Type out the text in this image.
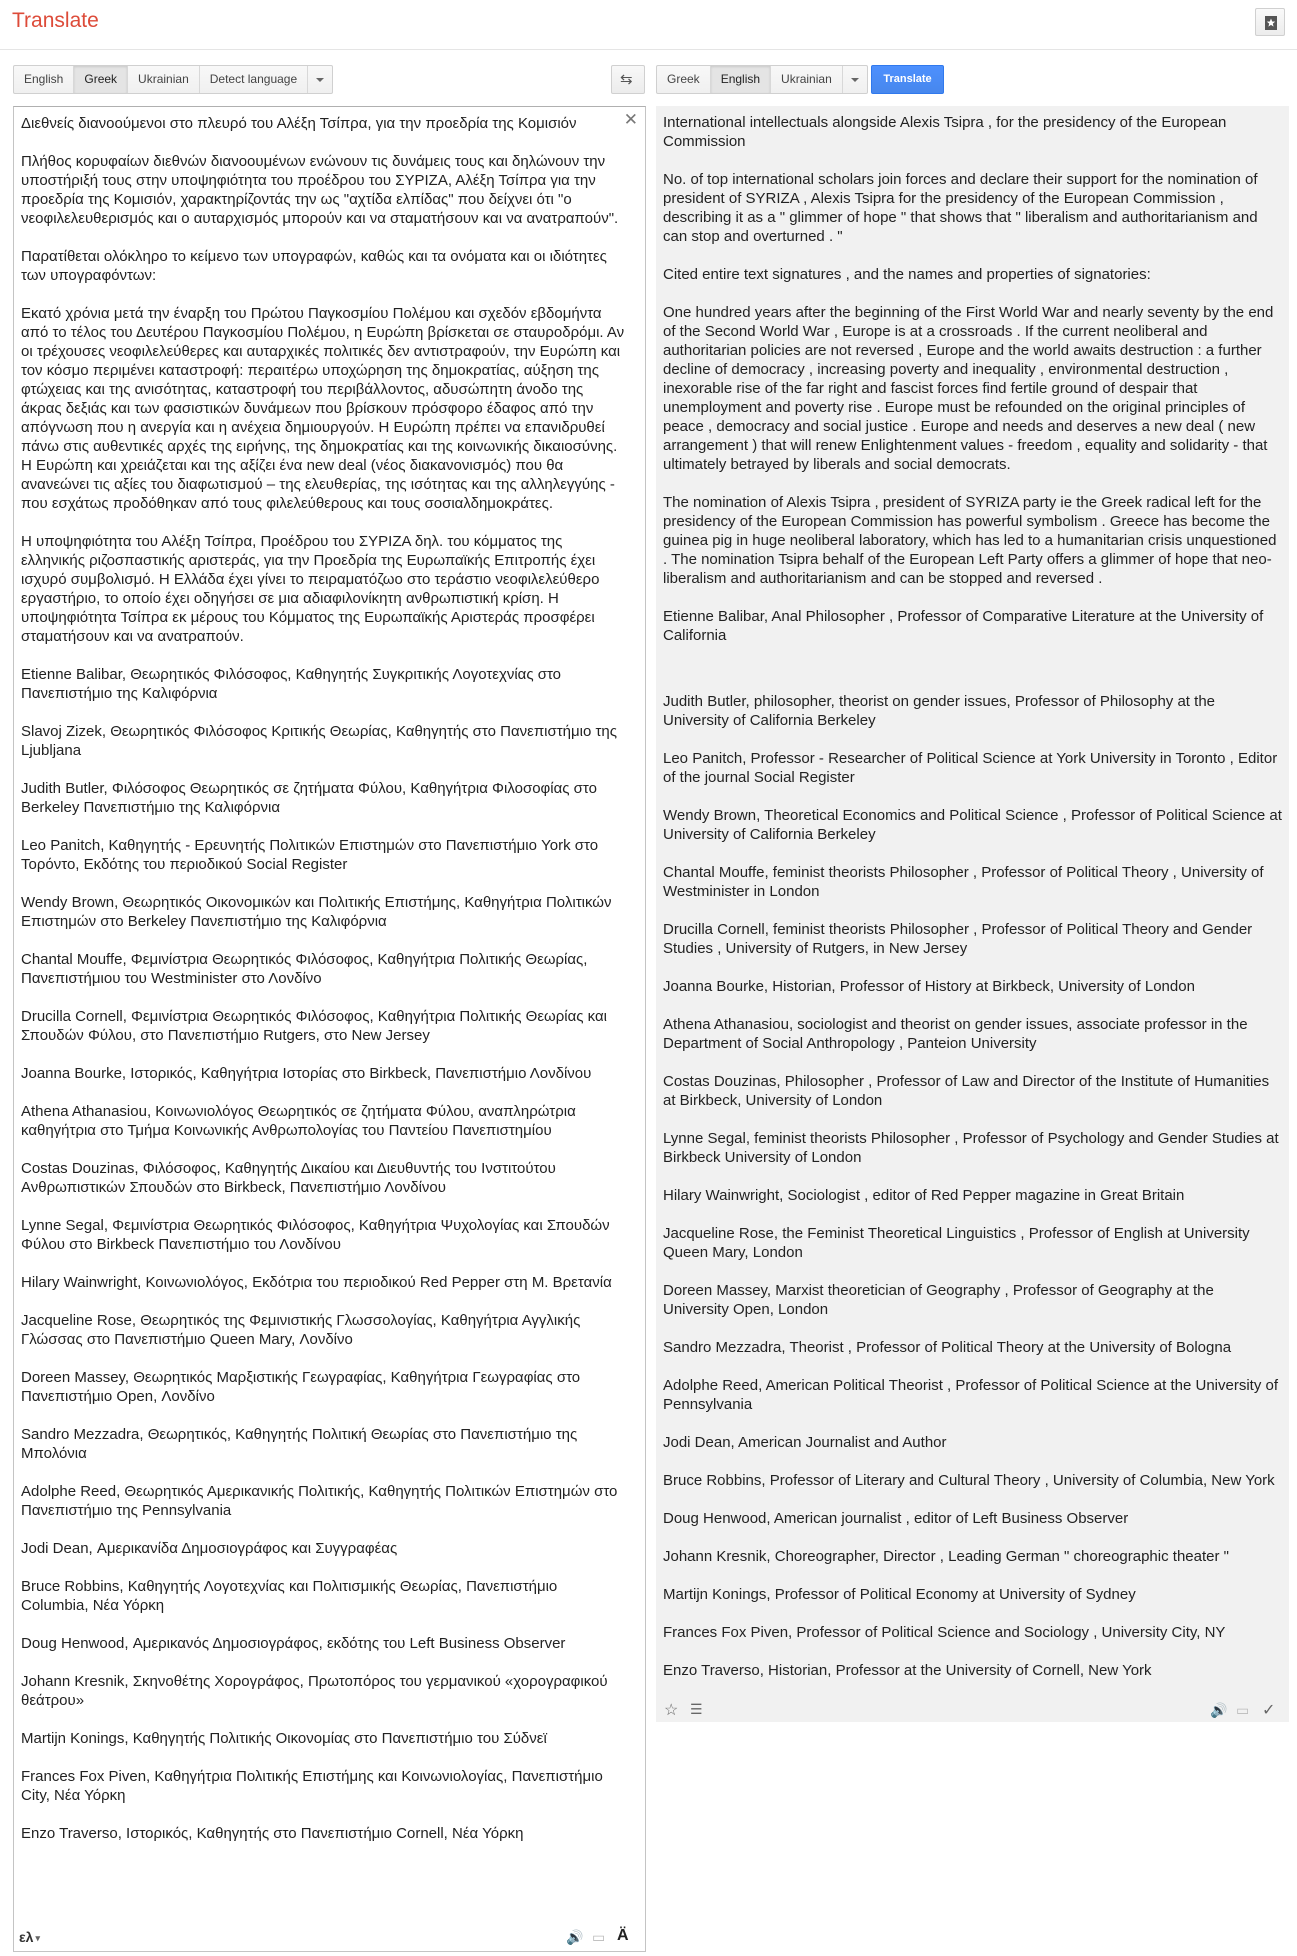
Translate
English	Greek	Ukrainian	Detect language	Greek	English	Ukrainian
⇆	Translate
✕
Διεθνείς διανοούμενοι στο πλευρό του Αλέξη Τσίπρα, για την προεδρία της Κομισιόν
Πλήθος κορυφαίων διεθνών διανοουμένων ενώνουν τις δυνάμεις τους και δηλώνουν την υποστήριξή τους στην υποψηφιότητα του προέδρου του ΣΥΡΙΖΑ, Αλέξη Τσίπρα για την προεδρία της Κομισιόν, χαρακτηρίζοντάς την ως "αχτίδα ελπίδας" που δείχνει ότι "ο νεοφιλελευθερισμός και ο αυταρχισμός μπορούν και να σταματήσουν και να ανατραπούν".
Παρατίθεται ολόκληρο το κείμενο των υπογραφών, καθώς και τα ονόματα και οι ιδιότητες των υπογραφόντων:
Εκατό χρόνια μετά την έναρξη του Πρώτου Παγκοσμίου Πολέμου και σχεδόν εβδομήντα από το τέλος του Δευτέρου Παγκοσμίου Πολέμου, η Ευρώπη βρίσκεται σε σταυροδρόμι. Αν οι τρέχουσες νεοφιλελεύθερες και αυταρχικές πολιτικές δεν αντιστραφούν, την Ευρώπη και τον κόσμο περιμένει καταστροφή: περαιτέρω υποχώρηση της δημοκρατίας, αύξηση της φτώχειας και της ανισότητας, καταστροφή του περιβάλλοντος, αδυσώπητη άνοδο της άκρας δεξιάς και των φασιστικών δυνάμεων που βρίσκουν πρόσφορο έδαφος από την απόγνωση που η ανεργία και η ανέχεια δημιουργούν. Η Ευρώπη πρέπει να επανιδρυθεί πάνω στις αυθεντικές αρχές της ειρήνης, της δημοκρατίας και της κοινωνικής δικαιοσύνης. Η Ευρώπη και χρειάζεται και της αξίζει ένα new deal (νέος διακανονισμός) που θα ανανεώνει τις αξίες του διαφωτισμού – της ελευθερίας, της ισότητας και της αλληλεγγύης - που εσχάτως προδόθηκαν από τους φιλελεύθερους και τους σοσιαλδημοκράτες.
Η υποψηφιότητα του Αλέξη Τσίπρα, Προέδρου του ΣΥΡΙΖΑ δηλ. του κόμματος της ελληνικής ριζοσπαστικής αριστεράς, για την Προεδρία της Ευρωπαϊκής Επιτροπής έχει ισχυρό συμβολισμό. Η Ελλάδα έχει γίνει το πειραματόζωο στο τεράστιο νεοφιλελεύθερο εργαστήριο, το οποίο έχει οδηγήσει σε μια αδιαφιλονίκητη ανθρωπιστική κρίση. Η υποψηφιότητα Τσίπρα εκ μέρους του Κόμματος της Ευρωπαϊκής Αριστεράς προσφέρει σταματήσουν και να ανατραπούν.
Etienne Balibar, Θεωρητικός Φιλόσοφος, Καθηγητής Συγκριτικής Λογοτεχνίας στο Πανεπιστήμιο της Καλιφόρνια
Slavoj Zizek, Θεωρητικός Φιλόσοφος Κριτικής Θεωρίας, Καθηγητής στο Πανεπιστήμιο της Ljubljana
Judith Butler, Φιλόσοφος Θεωρητικός σε ζητήματα Φύλου, Καθηγήτρια Φιλοσοφίας στο Berkeley Πανεπιστήμιο της Καλιφόρνια
Leo Panitch, Καθηγητής - Ερευνητής Πολιτικών Επιστημών στο Πανεπιστήμιο York στο Τορόντο, Εκδότης του περιοδικού Social Register
Wendy Brown, Θεωρητικός Οικονομικών και Πολιτικής Επιστήμης, Καθηγήτρια Πολιτικών Επιστημών στο Berkeley Πανεπιστήμιο της Καλιφόρνια
Chantal Mouffe, Φεμινίστρια Θεωρητικός Φιλόσοφος, Καθηγήτρια Πολιτικής Θεωρίας, Πανεπιστήμιου του Westminister στο Λονδίνο
Drucilla Cornell, Φεμινίστρια Θεωρητικός Φιλόσοφος, Καθηγήτρια Πολιτικής Θεωρίας και Σπουδών Φύλου, στο Πανεπιστήμιο Rutgers, στο New Jersey
Joanna Bourke, Ιστορικός, Καθηγήτρια Ιστορίας στο Birkbeck, Πανεπιστήμιο Λονδίνου
Athena Athanasiou, Κοινωνιολόγος Θεωρητικός σε ζητήματα Φύλου, αναπληρώτρια καθηγήτρια στο Τμήμα Κοινωνικής Ανθρωπολογίας του Παντείου Πανεπιστημίου
Costas Douzinas, Φιλόσοφος, Καθηγητής Δικαίου και Διευθυντής του Ινστιτούτου Ανθρωπιστικών Σπουδών στο Birkbeck, Πανεπιστήμιο Λονδίνου
Lynne Segal, Φεμινίστρια Θεωρητικός Φιλόσοφος, Καθηγήτρια Ψυχολογίας και Σπουδών Φύλου στο Birkbeck Πανεπιστήμιο του Λονδίνου
Hilary Wainwright, Κοινωνιολόγος, Εκδότρια του περιοδικού Red Pepper στη Μ. Βρετανία
Jacqueline Rose, Θεωρητικός της Φεμινιστικής Γλωσσολογίας, Καθηγήτρια Αγγλικής Γλώσσας στο Πανεπιστήμιο Queen Mary, Λονδίνο
Doreen Massey, Θεωρητικός Μαρξιστικής Γεωγραφίας, Καθηγήτρια Γεωγραφίας στο Πανεπιστήμιο Open, Λονδίνο
Sandro Mezzadra, Θεωρητικός, Καθηγητής Πολιτική Θεωρίας στο Πανεπιστήμιο της Μπολόνια
Adolphe Reed, Θεωρητικός Αμερικανικής Πολιτικής, Καθηγητής Πολιτικών Επιστημών στο Πανεπιστήμιο της Pennsylvania
Jodi Dean, Αμερικανίδα Δημοσιογράφος και Συγγραφέας
Bruce Robbins, Καθηγητής Λογοτεχνίας και Πολιτισμικής Θεωρίας, Πανεπιστήμιο Columbia, Νέα Υόρκη
Doug Henwood, Αμερικανός Δημοσιογράφος, εκδότης του Left Business Observer
Johann Kresnik, Σκηνοθέτης Χορογράφος, Πρωτοπόρος του γερμανικού «χορογραφικού θεάτρου»
Martijn Konings, Καθηγητής Πολιτικής Οικονομίας στο Πανεπιστήμιο του Σύδνεϊ
Frances Fox Piven, Καθηγήτρια Πολιτικής Επιστήμης και Κοινωνιολογίας, Πανεπιστήμιο City, Νέα Υόρκη
Enzo Traverso, Ιστορικός, Καθηγητής στο Πανεπιστήμιο Cornell, Νέα Υόρκη
ελ ▾	🔊 ▭ Ä
International intellectuals alongside Alexis Tsipra , for the presidency of the European Commission
No. of top international scholars join forces and declare their support for the nomination of president of SYRIZA , Alexis Tsipra for the presidency of the European Commission , describing it as a " glimmer of hope " that shows that " liberalism and authoritarianism and can stop and overturned . "
Cited entire text signatures , and the names and properties of signatories:
One hundred years after the beginning of the First World War and nearly seventy by the end of the Second World War , Europe is at a crossroads . If the current neoliberal and authoritarian policies are not reversed , Europe and the world awaits destruction : a further decline of democracy , increasing poverty and inequality , environmental destruction , inexorable rise of the far right and fascist forces find fertile ground of despair that unemployment and poverty rise . Europe must be refounded on the original principles of peace , democracy and social justice . Europe and needs and deserves a new deal ( new arrangement ) that will renew Enlightenment values - freedom , equality and solidarity - that ultimately betrayed by liberals and social democrats.
The nomination of Alexis Tsipra , president of SYRIZA party ie the Greek radical left for the presidency of the European Commission has powerful symbolism . Greece has become the guinea pig in huge neoliberal laboratory, which has led to a humanitarian crisis unquestioned . The nomination Tsipra behalf of the European Left Party offers a glimmer of hope that neo-liberalism and authoritarianism and can be stopped and reversed .
Etienne Balibar, Anal Philosopher , Professor of Comparative Literature at the University of California
Judith Butler, philosopher, theorist on gender issues, Professor of Philosophy at the University of California Berkeley
Leo Panitch, Professor - Researcher of Political Science at York University in Toronto , Editor of the journal Social Register
Wendy Brown, Theoretical Economics and Political Science , Professor of Political Science at University of California Berkeley
Chantal Mouffe, feminist theorists Philosopher , Professor of Political Theory , University of Westminister in London
Drucilla Cornell, feminist theorists Philosopher , Professor of Political Theory and Gender Studies , University of Rutgers, in New Jersey
Joanna Bourke, Historian, Professor of History at Birkbeck, University of London
Athena Athanasiou, sociologist and theorist on gender issues, associate professor in the Department of Social Anthropology , Panteion University
Costas Douzinas, Philosopher , Professor of Law and Director of the Institute of Humanities at Birkbeck, University of London
Lynne Segal, feminist theorists Philosopher , Professor of Psychology and Gender Studies at Birkbeck University of London
Hilary Wainwright, Sociologist , editor of Red Pepper magazine in Great Britain
Jacqueline Rose, the Feminist Theoretical Linguistics , Professor of English at University Queen Mary, London
Doreen Massey, Marxist theoretician of Geography , Professor of Geography at the University Open, London
Sandro Mezzadra, Theorist , Professor of Political Theory at the University of Bologna
Adolphe Reed, American Political Theorist , Professor of Political Science at the University of Pennsylvania
Jodi Dean, American Journalist and Author
Bruce Robbins, Professor of Literary and Cultural Theory , University of Columbia, New York
Doug Henwood, American journalist , editor of Left Business Observer
Johann Kresnik, Choreographer, Director , Leading German " choreographic theater "
Martijn Konings, Professor of Political Economy at University of Sydney
Frances Fox Piven, Professor of Political Science and Sociology , University City, NY
Enzo Traverso, Historian, Professor at the University of Cornell, New York
☆ ☰	🔊 ▭ ✓
